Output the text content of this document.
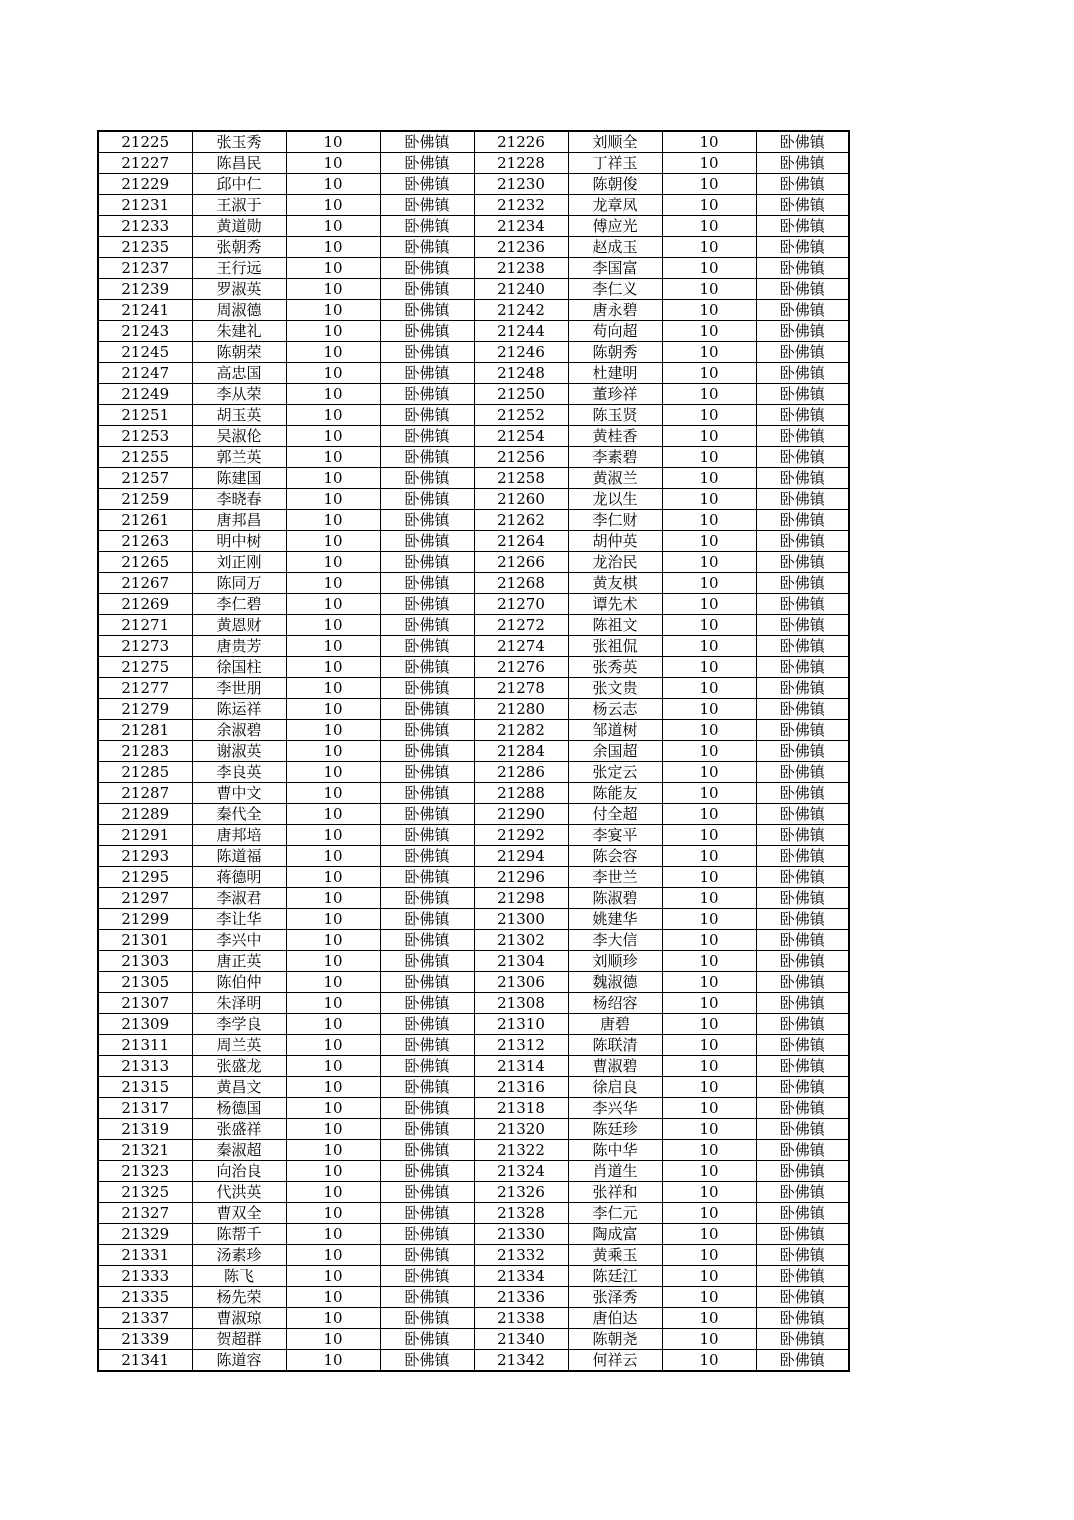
21225	张玉秀	10	卧佛镇	21226	刘顺全	10	卧佛镇
21227	陈昌民	10	卧佛镇	21228	丁祥玉	10	卧佛镇
21229	邱中仁	10	卧佛镇	21230	陈朝俊	10	卧佛镇
21231	王淑于	10	卧佛镇	21232	龙章凤	10	卧佛镇
21233	黄道勋	10	卧佛镇	21234	傅应光	10	卧佛镇
21235	张朝秀	10	卧佛镇	21236	赵成玉	10	卧佛镇
21237	王行远	10	卧佛镇	21238	李国富	10	卧佛镇
21239	罗淑英	10	卧佛镇	21240	李仁义	10	卧佛镇
21241	周淑德	10	卧佛镇	21242	唐永碧	10	卧佛镇
21243	朱建礼	10	卧佛镇	21244	苟向超	10	卧佛镇
21245	陈朝荣	10	卧佛镇	21246	陈朝秀	10	卧佛镇
21247	高忠国	10	卧佛镇	21248	杜建明	10	卧佛镇
21249	李从荣	10	卧佛镇	21250	董珍祥	10	卧佛镇
21251	胡玉英	10	卧佛镇	21252	陈玉贤	10	卧佛镇
21253	吴淑伦	10	卧佛镇	21254	黄桂香	10	卧佛镇
21255	郭兰英	10	卧佛镇	21256	李素碧	10	卧佛镇
21257	陈建国	10	卧佛镇	21258	黄淑兰	10	卧佛镇
21259	李晓春	10	卧佛镇	21260	龙以生	10	卧佛镇
21261	唐邦昌	10	卧佛镇	21262	李仁财	10	卧佛镇
21263	明中树	10	卧佛镇	21264	胡仲英	10	卧佛镇
21265	刘正刚	10	卧佛镇	21266	龙治民	10	卧佛镇
21267	陈同万	10	卧佛镇	21268	黄友棋	10	卧佛镇
21269	李仁碧	10	卧佛镇	21270	谭先术	10	卧佛镇
21271	黄恩财	10	卧佛镇	21272	陈祖文	10	卧佛镇
21273	唐贵芳	10	卧佛镇	21274	张祖侃	10	卧佛镇
21275	徐国柱	10	卧佛镇	21276	张秀英	10	卧佛镇
21277	李世朋	10	卧佛镇	21278	张文贵	10	卧佛镇
21279	陈运祥	10	卧佛镇	21280	杨云志	10	卧佛镇
21281	余淑碧	10	卧佛镇	21282	邹道树	10	卧佛镇
21283	谢淑英	10	卧佛镇	21284	余国超	10	卧佛镇
21285	李良英	10	卧佛镇	21286	张定云	10	卧佛镇
21287	曹中文	10	卧佛镇	21288	陈能友	10	卧佛镇
21289	秦代全	10	卧佛镇	21290	付全超	10	卧佛镇
21291	唐邦培	10	卧佛镇	21292	李宴平	10	卧佛镇
21293	陈道福	10	卧佛镇	21294	陈会容	10	卧佛镇
21295	蒋德明	10	卧佛镇	21296	李世兰	10	卧佛镇
21297	李淑君	10	卧佛镇	21298	陈淑碧	10	卧佛镇
21299	李让华	10	卧佛镇	21300	姚建华	10	卧佛镇
21301	李兴中	10	卧佛镇	21302	李大信	10	卧佛镇
21303	唐正英	10	卧佛镇	21304	刘顺珍	10	卧佛镇
21305	陈伯仲	10	卧佛镇	21306	魏淑德	10	卧佛镇
21307	朱泽明	10	卧佛镇	21308	杨绍容	10	卧佛镇
21309	李学良	10	卧佛镇	21310	唐碧	10	卧佛镇
21311	周兰英	10	卧佛镇	21312	陈联清	10	卧佛镇
21313	张盛龙	10	卧佛镇	21314	曹淑碧	10	卧佛镇
21315	黄昌文	10	卧佛镇	21316	徐启良	10	卧佛镇
21317	杨德国	10	卧佛镇	21318	李兴华	10	卧佛镇
21319	张盛祥	10	卧佛镇	21320	陈廷珍	10	卧佛镇
21321	秦淑超	10	卧佛镇	21322	陈中华	10	卧佛镇
21323	向治良	10	卧佛镇	21324	肖道生	10	卧佛镇
21325	代洪英	10	卧佛镇	21326	张祥和	10	卧佛镇
21327	曹双全	10	卧佛镇	21328	李仁元	10	卧佛镇
21329	陈帮千	10	卧佛镇	21330	陶成富	10	卧佛镇
21331	汤素珍	10	卧佛镇	21332	黄乘玉	10	卧佛镇
21333	陈飞	10	卧佛镇	21334	陈廷江	10	卧佛镇
21335	杨先荣	10	卧佛镇	21336	张泽秀	10	卧佛镇
21337	曹淑琼	10	卧佛镇	21338	唐伯达	10	卧佛镇
21339	贺超群	10	卧佛镇	21340	陈朝尧	10	卧佛镇
21341	陈道容	10	卧佛镇	21342	何祥云	10	卧佛镇
